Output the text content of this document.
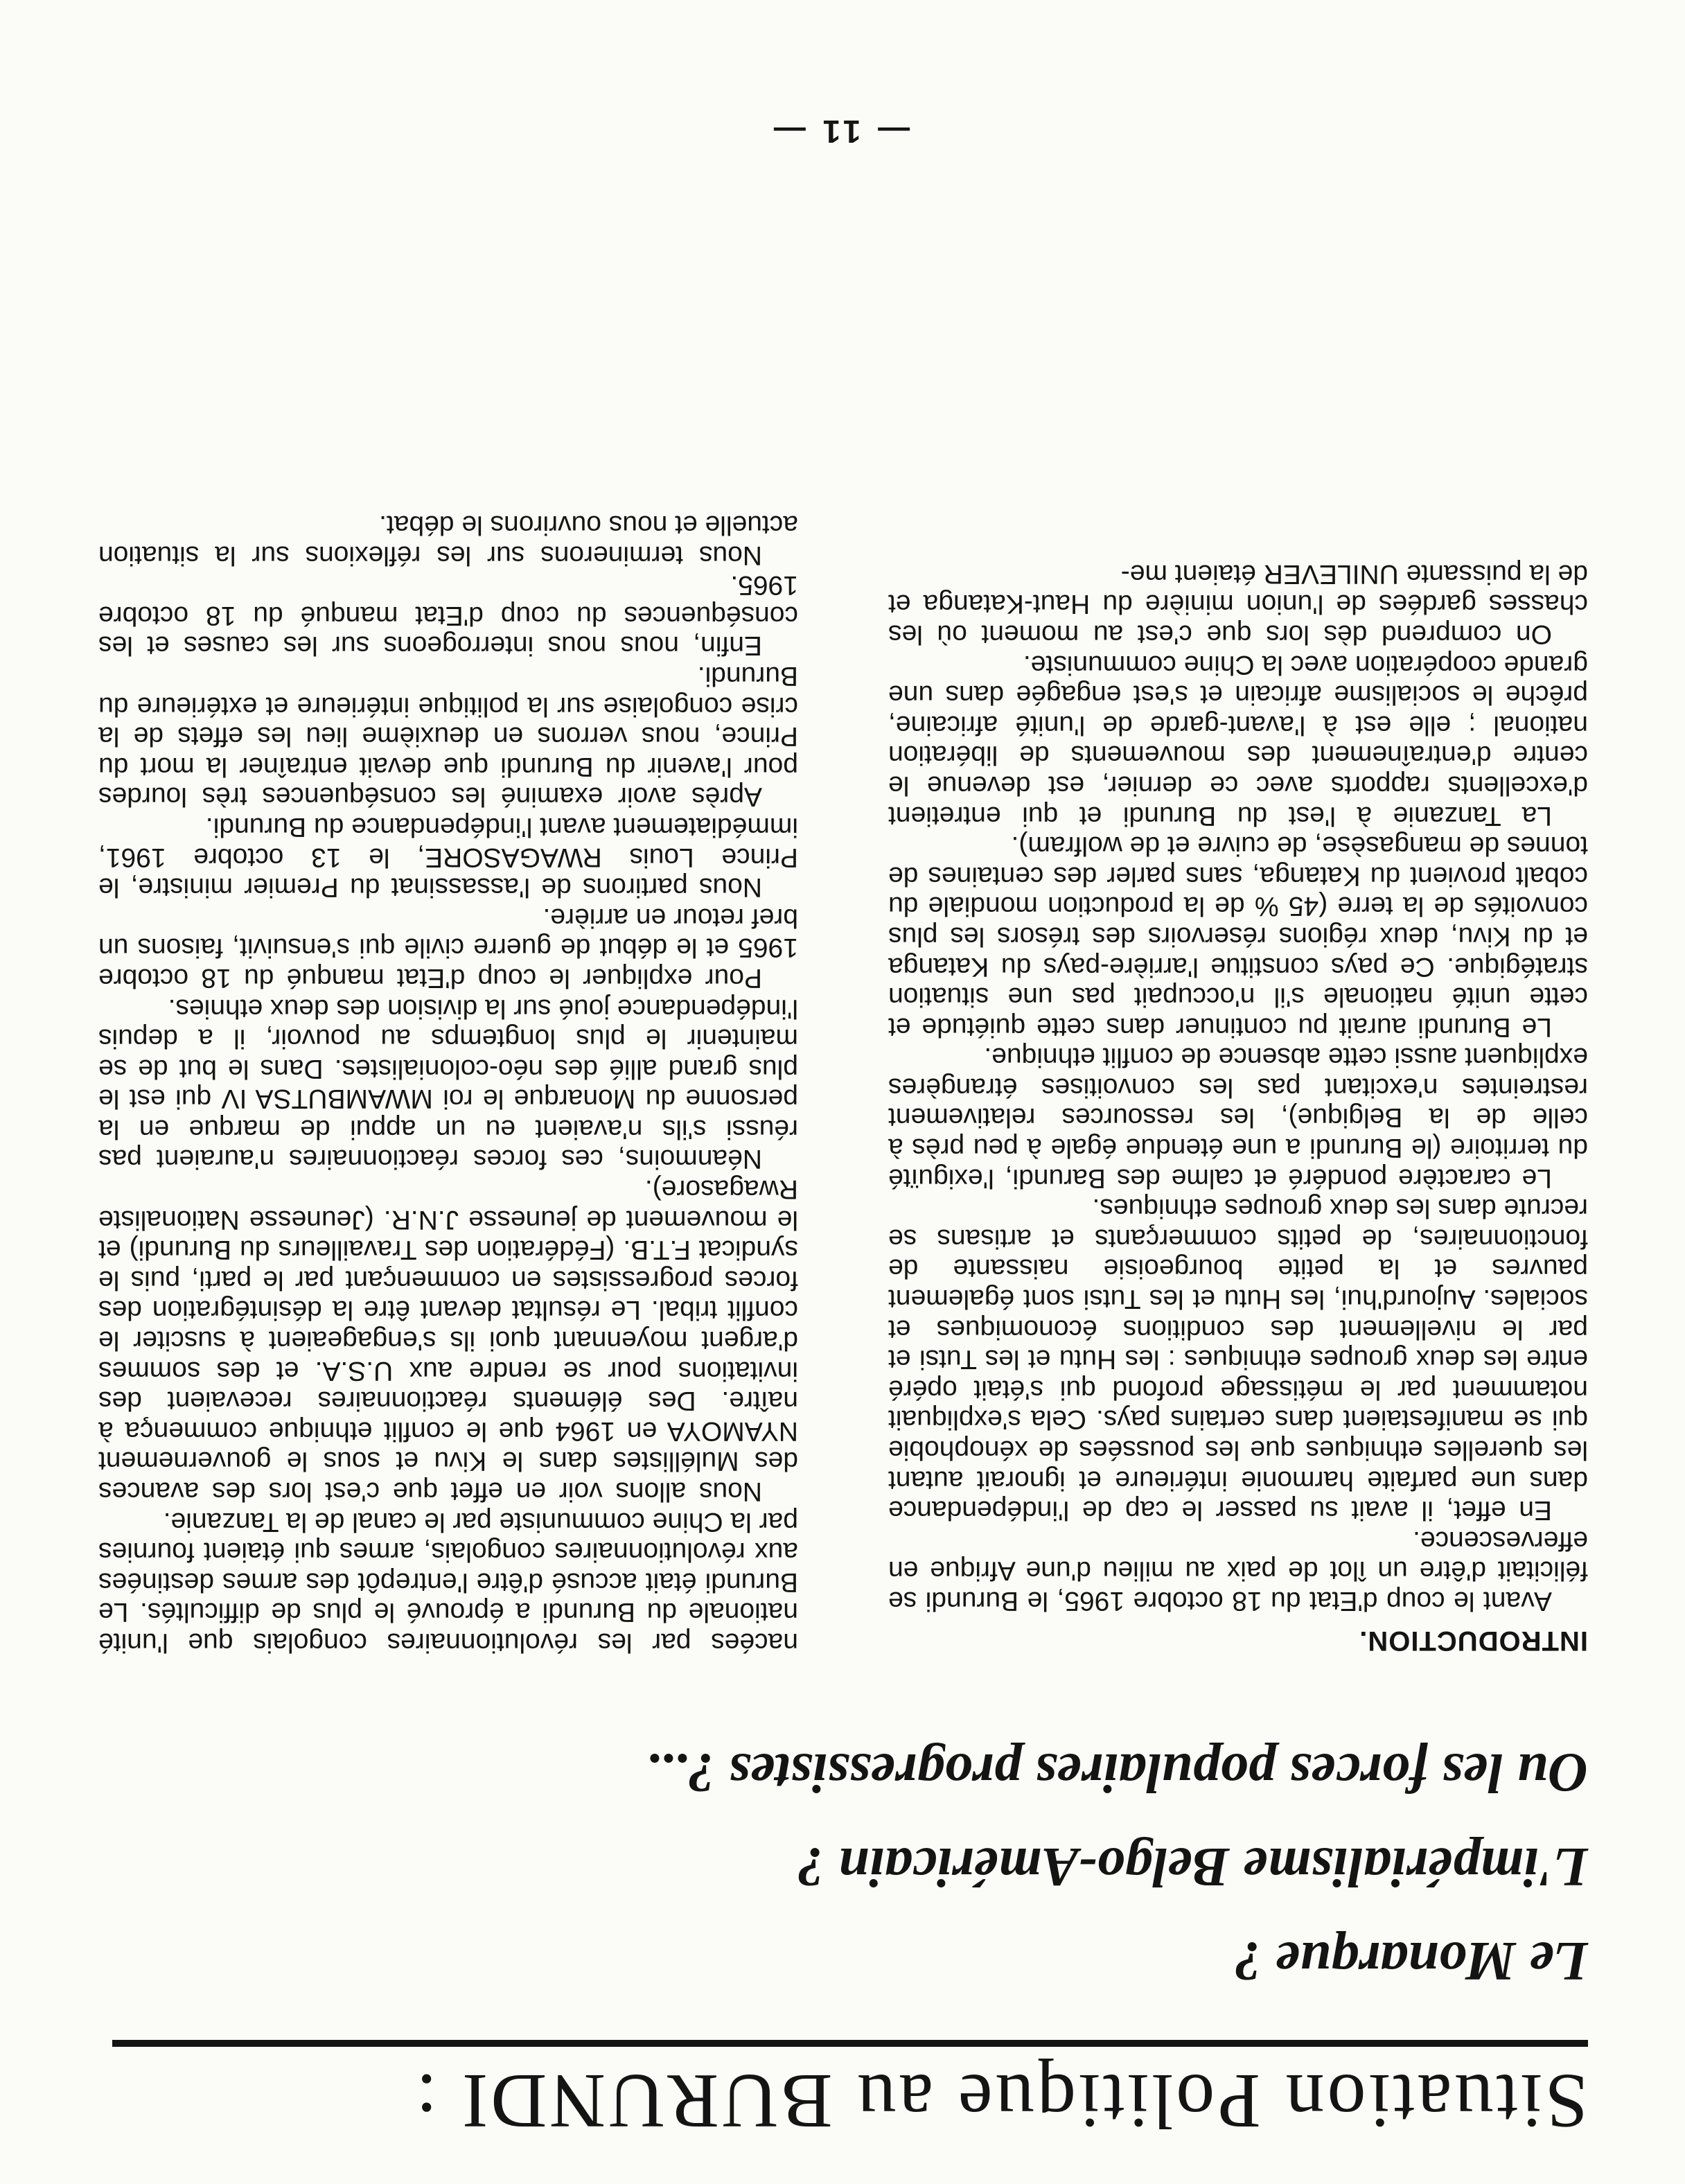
Situation Politique au BURUNDI :
Le Monarque ?
L'impérialisme Belgo-Américain ?
Ou les forces populaires progressistes ?...
INTRODUCTION.

Avant le coup d'Etat du 18 octobre 1965, le Burundi se félicitait d'être un îlot de paix au milieu d'une Afrique en effervescence.

En effet, il avait su passer le cap de l'indépendance dans une parfaite harmonie intérieure et ignorait autant les querelles ethniques que les poussées de xénophobie qui se manifestaient dans certains pays. Cela s'expliquait notamment par le métissage profond qui s'était opéré entre les deux groupes ethniques : les Hutu et les Tutsi et par le nivellement des conditions économiques et sociales. Aujourd'hui, les Hutu et les Tutsi sont également pauvres et la petite bourgeoisie naissante de fonctionnaires, de petits commerçants et artisans se recrute dans les deux groupes ethniques.

Le caractère pondéré et calme des Barundi, l'exiguïté du territoire (le Burundi a une étendue égale à peu près à celle de la Belgique), les ressources relativement restreintes n'excitant pas les convoitises étrangères expliquent aussi cette absence de conflit ethnique.

Le Burundi aurait pu continuer dans cette quiétude et cette unité nationale s'il n'occupait pas une situation stratégique. Ce pays constitue l'arrière-pays du Katanga et du Kivu, deux régions réservoirs des trésors les plus convoités de la terre (45 % de la production mondiale du cobalt provient du Katanga, sans parler des centaines de tonnes de mangasèse, de cuivre et de wolfram).

La Tanzanie à l'est du Burundi et qui entretient d'excellents rapports avec ce dernier, est devenue le centre d'entraînement des mouvements de libération national ; elle est à l'avant-garde de l'unité africaine, prêche le socialisme africain et s'est engagée dans une grande coopération avec la Chine communiste.

On comprend dès lors que c'est au moment où les chasses gardées de l'union minière du Haut-Katanga et de la puissante UNILEVER étaient me-

nacées par les révolutionnaires congolais que l'unité nationale du Burundi a éprouvé le plus de difficultés. Le Burundi était accusé d'être l'entrepôt des armes destinées aux révolutionnaires congolais, armes qui étaient fournies par la Chine communiste par le canal de la Tanzanie.

Nous allons voir en effet que c'est lors des avances des Muléllistes dans le Kivu et sous le gouvernement NYAMOYA en 1964 que le conflit ethnique commença à naître. Des éléments réactionnaires recevaient des invitations pour se rendre aux U.S.A. et des sommes d'argent moyennant quoi ils s'engageaient à susciter le conflit tribal. Le résultat devant être la désintégration des forces progressistes en commençant par le parti, puis le syndicat F.T.B. (Fédération des Travailleurs du Burundi) et le mouvement de jeunesse J.N.R. (Jeunesse Nationaliste Rwagasore).

Néanmoins, ces forces réactionnaires n'auraient pas réussi s'ils n'avaient eu un appui de marque en la personne du Monarque le roi MWAMBUTSA IV qui est le plus grand allié des néo-colonialistes. Dans le but de se maintenir le plus longtemps au pouvoir, il a depuis l'indépendance joué sur la division des deux ethnies.

Pour expliquer le coup d'Etat manqué du 18 octobre 1965 et le début de guerre civile qui s'ensuivit, faisons un bref retour en arrière.

Nous partirons de l'assassinat du Premier ministre, le Prince Louis RWAGASORE, le 13 octobre 1961, immédiatement avant l'indépendance du Burundi.

Après avoir examiné les conséquences très lourdes pour l'avenir du Burundi que devait entraîner la mort du Prince, nous verrons en deuxième lieu les effets de la crise congolaise sur la politique intérieure et extérieure du Burundi.

Enfin, nous nous interrogeons sur les causes et les conséquences du coup d'Etat manqué du 18 octobre 1965.

Nous terminerons sur les réflexions sur la situation actuelle et nous ouvrirons le débat.

— 11 —
